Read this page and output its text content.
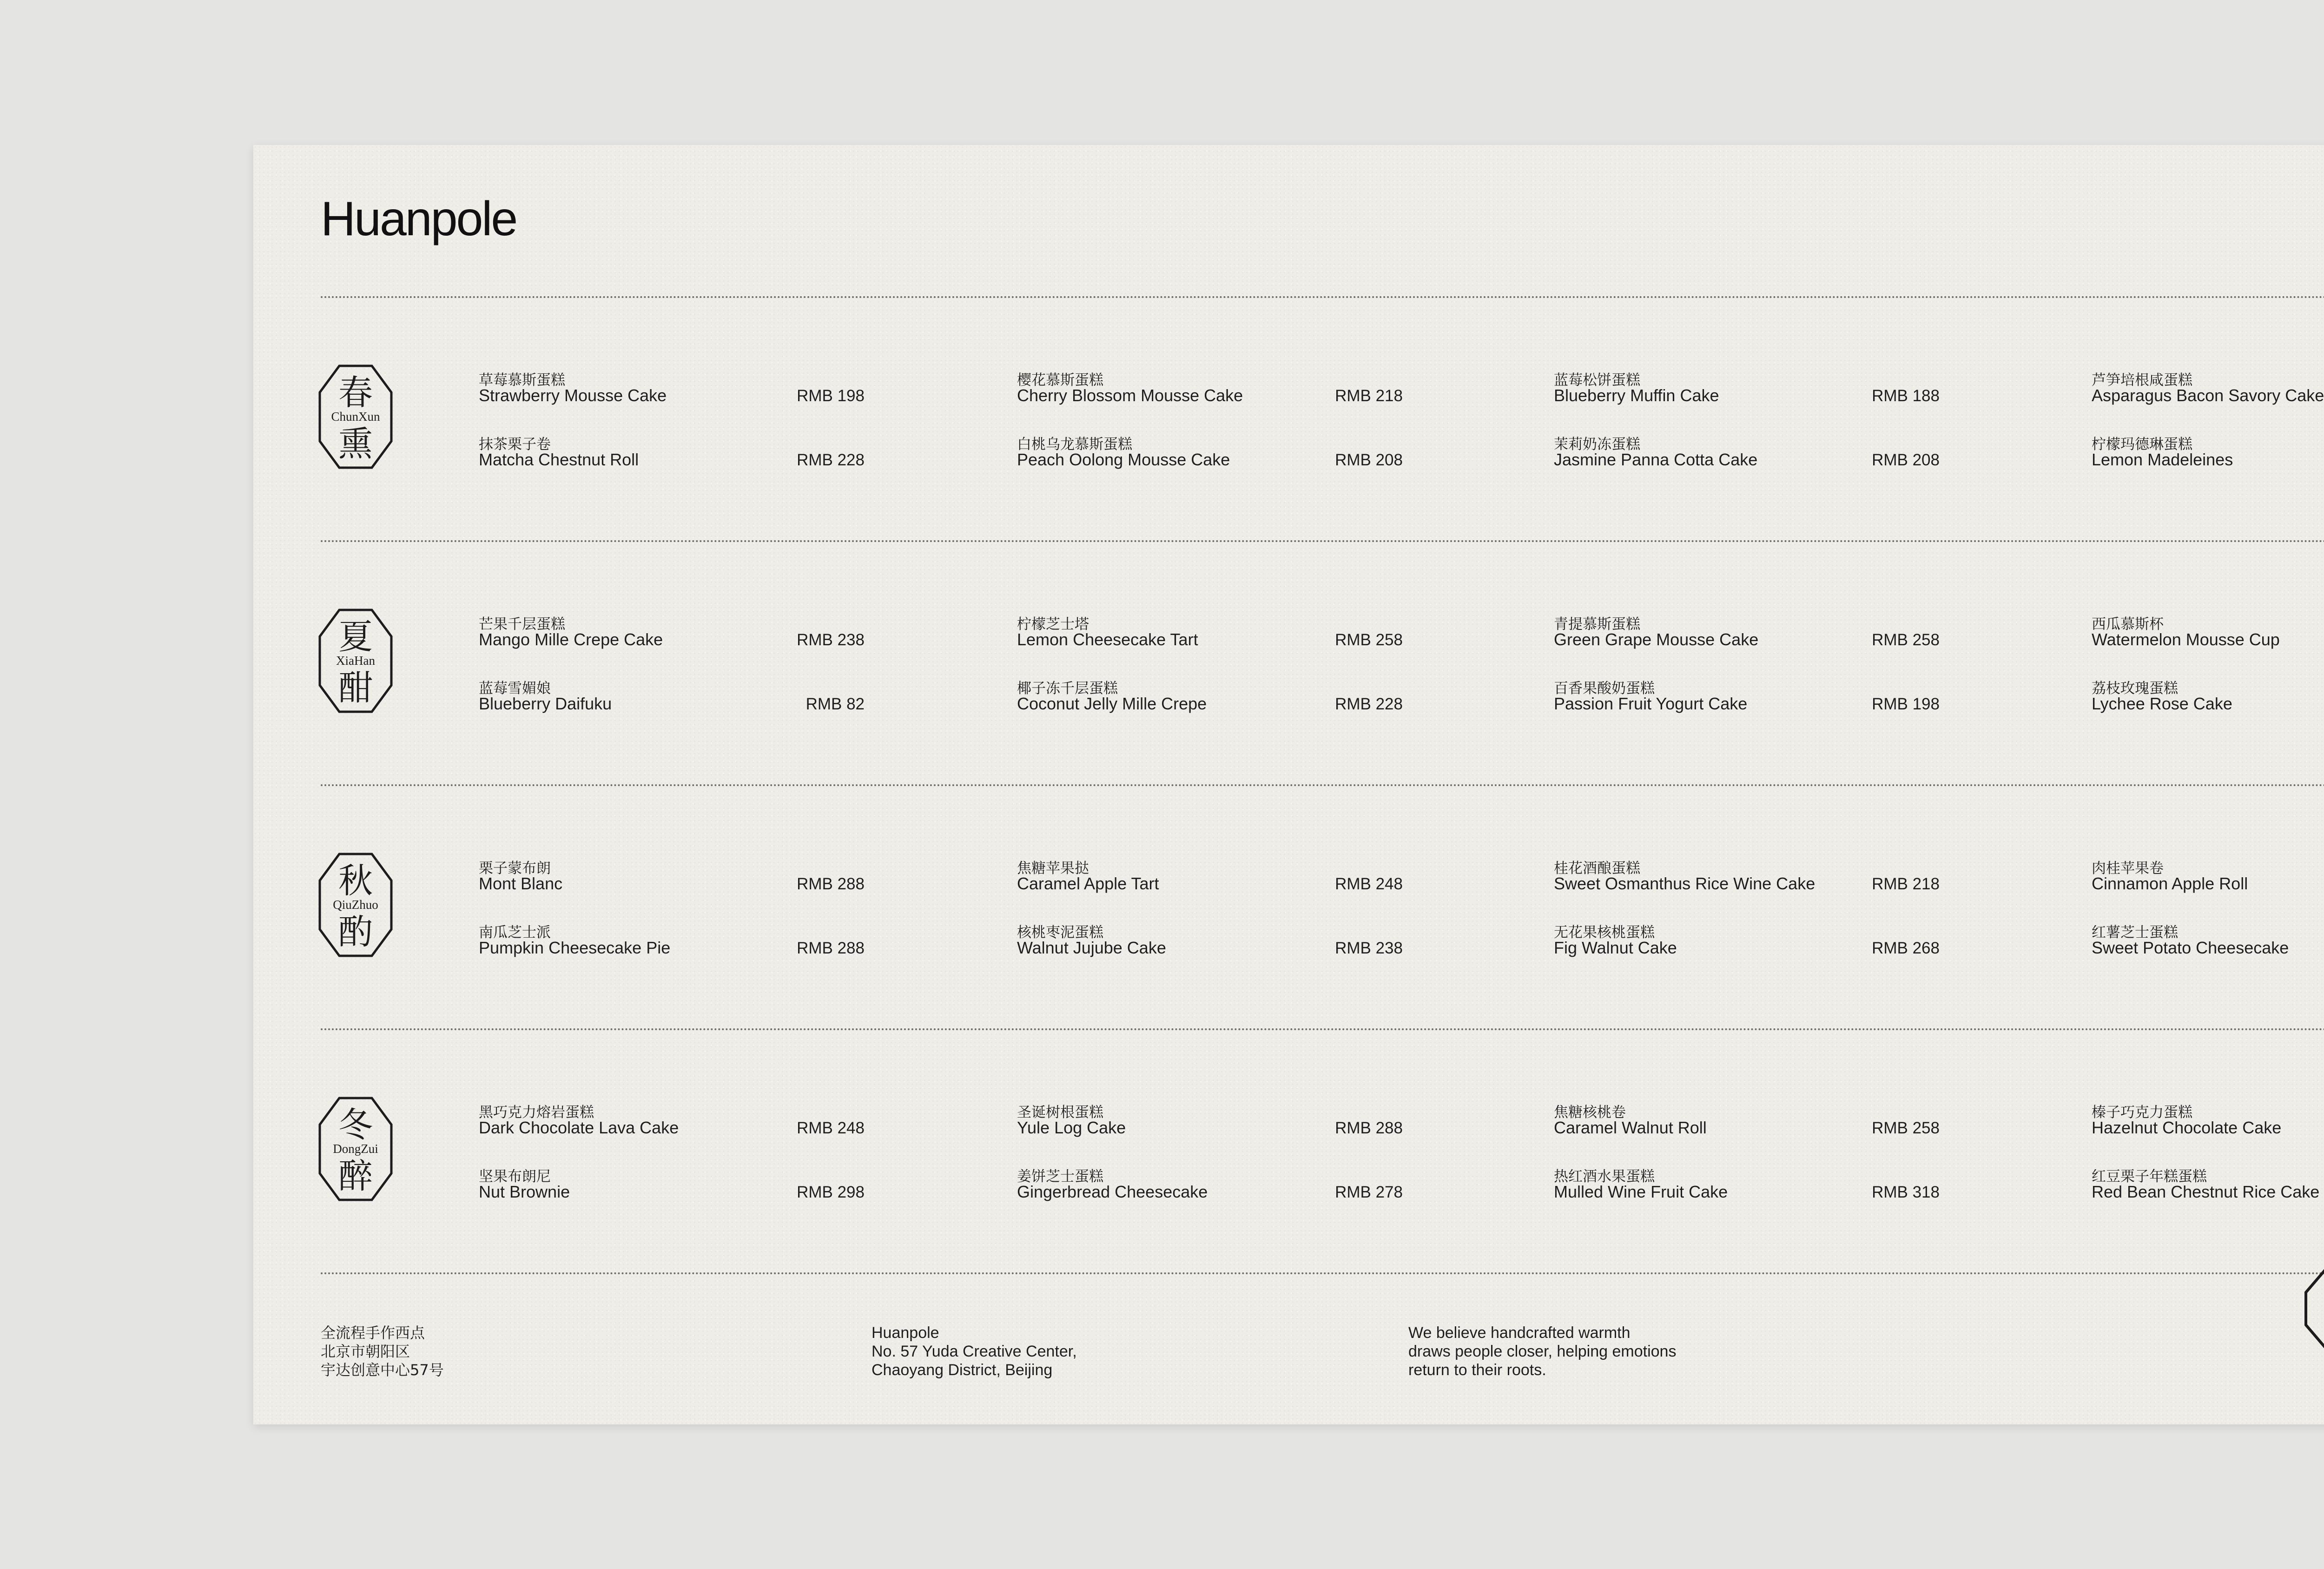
Huanpole
春
ChunXun
熏
草莓慕斯蛋糕
Strawberry Mousse Cake	RMB 198
抹茶栗子卷
Matcha Chestnut Roll	RMB 228
樱花慕斯蛋糕
Cherry Blossom Mousse Cake	RMB 218
白桃乌龙慕斯蛋糕
Peach Oolong Mousse Cake	RMB 208
蓝莓松饼蛋糕
Blueberry Muffin Cake	RMB 188
茉莉奶冻蛋糕
Jasmine Panna Cotta Cake	RMB 208
芦笋培根咸蛋糕
Asparagus Bacon Savory Cake
柠檬玛德琳蛋糕
Lemon Madeleines
夏
XiaHan
酣
芒果千层蛋糕
Mango Mille Crepe Cake	RMB 238
蓝莓雪媚娘
Blueberry Daifuku	RMB 82
柠檬芝士塔
Lemon Cheesecake Tart	RMB 258
椰子冻千层蛋糕
Coconut Jelly Mille Crepe	RMB 228
青提慕斯蛋糕
Green Grape Mousse Cake	RMB 258
百香果酸奶蛋糕
Passion Fruit Yogurt Cake	RMB 198
西瓜慕斯杯
Watermelon Mousse Cup
荔枝玫瑰蛋糕
Lychee Rose Cake
秋
QiuZhuo
酌
栗子蒙布朗
Mont Blanc	RMB 288
南瓜芝士派
Pumpkin Cheesecake Pie	RMB 288
焦糖苹果挞
Caramel Apple Tart	RMB 248
核桃枣泥蛋糕
Walnut Jujube Cake	RMB 238
桂花酒酿蛋糕
Sweet Osmanthus Rice Wine Cake	RMB 218
无花果核桃蛋糕
Fig Walnut Cake	RMB 268
肉桂苹果卷
Cinnamon Apple Roll
红薯芝士蛋糕
Sweet Potato Cheesecake
冬
DongZui
醉
黑巧克力熔岩蛋糕
Dark Chocolate Lava Cake	RMB 248
坚果布朗尼
Nut Brownie	RMB 298
圣诞树根蛋糕
Yule Log Cake	RMB 288
姜饼芝士蛋糕
Gingerbread Cheesecake	RMB 278
焦糖核桃卷
Caramel Walnut Roll	RMB 258
热红酒水果蛋糕
Mulled Wine Fruit Cake	RMB 318
榛子巧克力蛋糕
Hazelnut Chocolate Cake
红豆栗子年糕蛋糕
Red Bean Chestnut Rice Cake
全流程手作西点
北京市朝阳区
宇达创意中心57号
Huanpole
No. 57 Yuda Creative Center,
Chaoyang District, Beijing
We believe handcrafted warmth
draws people closer, helping emotions
return to their roots.
